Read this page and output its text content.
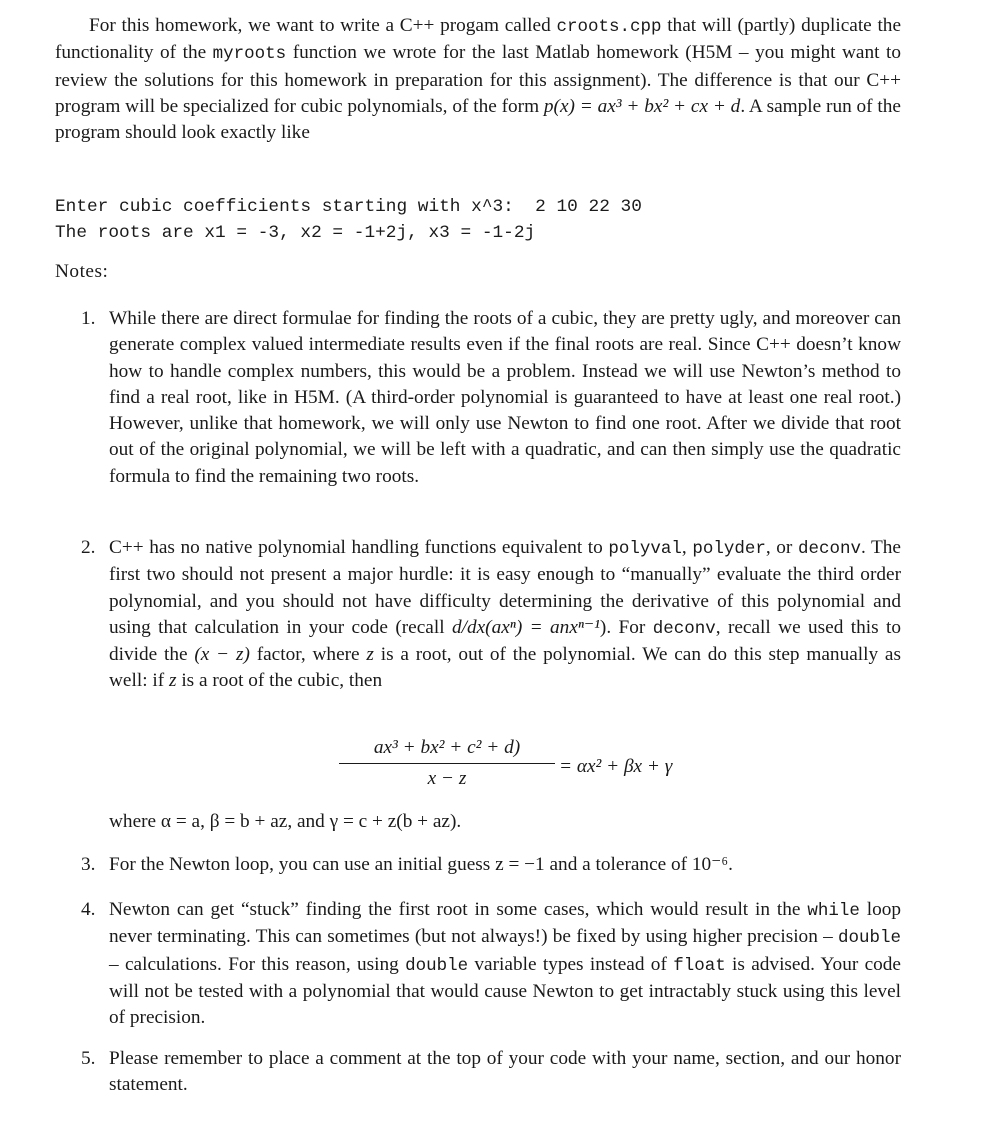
For this homework, we want to write a C++ progam called croots.cpp that will (partly) duplicate the functionality of the myroots function we wrote for the last Matlab homework (H5M – you might want to review the solutions for this homework in preparation for this assignment). The difference is that our C++ program will be specialized for cubic polynomials, of the form p(x) = ax³ + bx² + cx + d. A sample run of the program should look exactly like

Enter cubic coefficients starting with x^3:  2 10 22 30
The roots are x1 = -3, x2 = -1+2j, x3 = -1-2j
Notes:
1. While there are direct formulae for finding the roots of a cubic, they are pretty ugly, and moreover can generate complex valued intermediate results even if the final roots are real. Since C++ doesn’t know how to handle complex numbers, this would be a problem. Instead we will use Newton’s method to find a real root, like in H5M. (A third-order polynomial is guaranteed to have at least one real root.) However, unlike that homework, we will only use Newton to find one root. After we divide that root out of the original polynomial, we will be left with a quadratic, and can then simply use the quadratic formula to find the remaining two roots.

2. C++ has no native polynomial handling functions equivalent to polyval, polyder, or deconv. The first two should not present a major hurdle: it is easy enough to “manually” evaluate the third order polynomial, and you should not have difficulty determining the derivative of this polynomial and using that calculation in your code (recall d/dx(axⁿ) = anxⁿ⁻¹). For deconv, recall we used this to divide the (x − z) factor, where z is a root, out of the polynomial. We can do this step manually as well: if z is a root of the cubic, then

ax³ + bx² + c² + d)
x − z
= αx² + βx + γ

where α = a, β = b + az, and γ = c + z(b + az).

3. For the Newton loop, you can use an initial guess z = −1 and a tolerance of 10⁻⁶.

4. Newton can get “stuck” finding the first root in some cases, which would result in the while loop never terminating. This can sometimes (but not always!) be fixed by using higher precision – double – calculations. For this reason, using double variable types instead of float is advised. Your code will not be tested with a polynomial that would cause Newton to get intractably stuck using this level of precision.

5. Please remember to place a comment at the top of your code with your name, section, and our honor statement.
